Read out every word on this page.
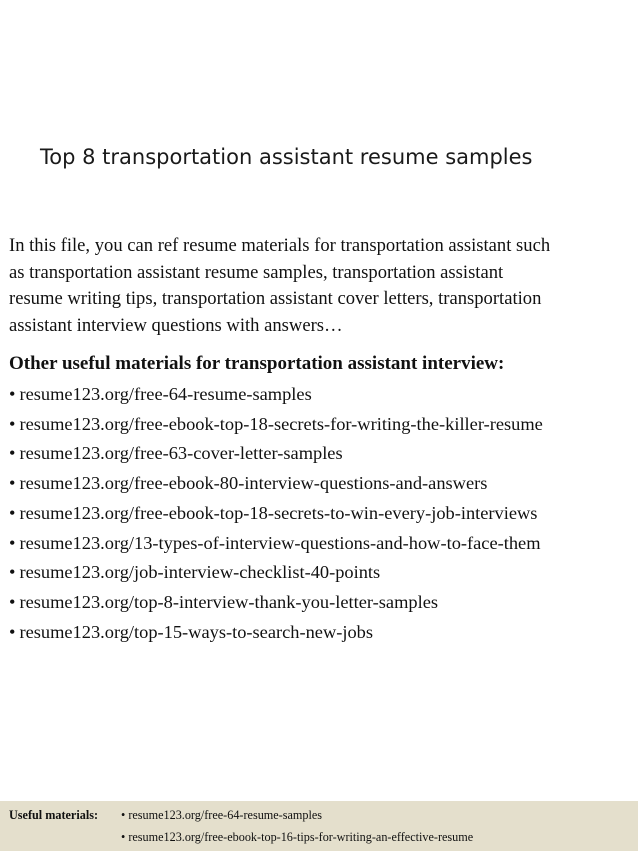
Top 8 transportation assistant resume samples
In this file, you can ref resume materials for transportation assistant such
as transportation assistant resume samples, transportation assistant
resume writing tips, transportation assistant cover letters, transportation
assistant interview questions with answers…
Other useful materials for transportation assistant interview:
• resume123.org/free-64-resume-samples
• resume123.org/free-ebook-top-18-secrets-for-writing-the-killer-resume
• resume123.org/free-63-cover-letter-samples
• resume123.org/free-ebook-80-interview-questions-and-answers
• resume123.org/free-ebook-top-18-secrets-to-win-every-job-interviews
• resume123.org/13-types-of-interview-questions-and-how-to-face-them
• resume123.org/job-interview-checklist-40-points
• resume123.org/top-8-interview-thank-you-letter-samples
• resume123.org/top-15-ways-to-search-new-jobs
Useful materials: • resume123.org/free-64-resume-samples
• resume123.org/free-ebook-top-16-tips-for-writing-an-effective-resume
